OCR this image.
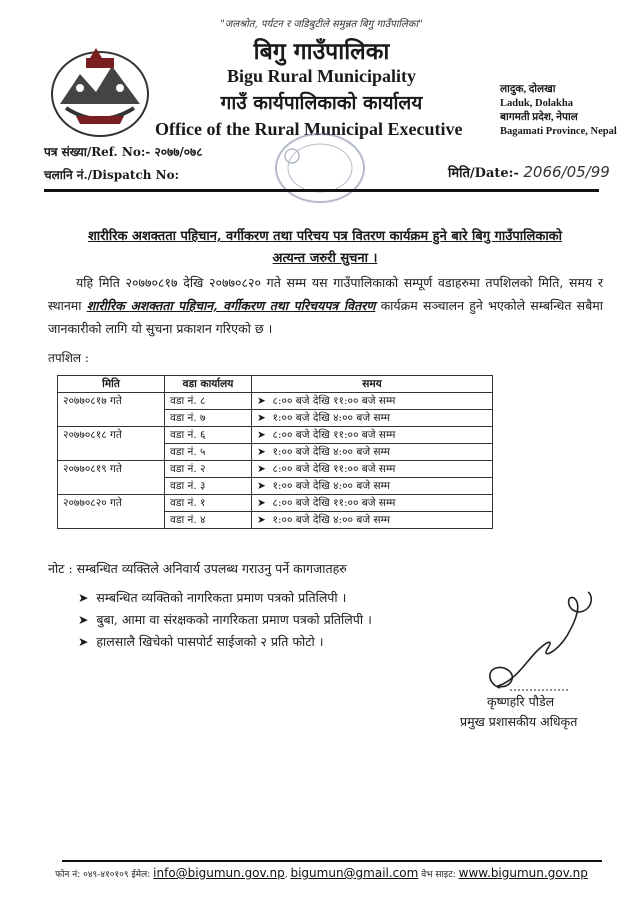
"जलश्रोत, पर्यटन र जडिबुटीले समुन्नत बिगु गाउँपालिका"
बिगु गाउँपालिका
Bigu Rural Municipality
गाउँ कार्यपालिकाको कार्यालय
Office of the Rural Municipal Executive
लादुक, दोलखा
Laduk, Dolakha
बागमती प्रदेश, नेपाल
Bagamati Province, Nepal
पत्र संख्या/Ref. No:- २०७७/०७८
चलानि नं./Dispatch No:	मिति/Date:- 2066/05/99
शारीरिक अशक्तता पहिचान, वर्गीकरण तथा परिचय पत्र वितरण कार्यक्रम हुने बारे बिगु गाउँपालिकाको
अत्यन्त जरुरी सुचना ।
यहि मिति २०७७०८१७ देखि २०७७०८२० गते सम्म यस गाउँपालिकाको सम्पूर्ण वडाहरुमा तपशिलको मिति, समय र स्थानमा शारीरिक अशक्तता पहिचान, वर्गीकरण तथा परिचयपत्र वितरण कार्यक्रम सञ्चालन हुने भएकोले सम्बन्धित सबैमा जानकारीको लागि यो सुचना प्रकाशन गरिएको छ ।
तपशिल :
मिति	वडा कार्यालय	समय
२०७७०८१७ गते	वडा नं. ८	➤  ८:०० बजे देखि ११:०० बजे सम्म
	वडा नं. ७	➤  १:०० बजे देखि ४:०० बजे सम्म
२०७७०८१८ गते	वडा नं. ६	➤  ८:०० बजे देखि ११:०० बजे सम्म
	वडा नं. ५	➤  १:०० बजे देखि ४:०० बजे सम्म
२०७७०८१९ गते	वडा नं. २	➤  ८:०० बजे देखि ११:०० बजे सम्म
	वडा नं. ३	➤  १:०० बजे देखि ४:०० बजे सम्म
२०७७०८२० गते	वडा नं. १	➤  ८:०० बजे देखि ११:०० बजे सम्म
	वडा नं. ४	➤  १:०० बजे देखि ४:०० बजे सम्म
नोट : सम्बन्धित व्यक्तिले अनिवार्य उपलब्ध गराउनु पर्ने कागजातहरु
➤  सम्बन्धित व्यक्तिको नागरिकता प्रमाण पत्रको प्रतिलिपी ।
➤  बुबा, आमा वा संरक्षकको नागरिकता प्रमाण पत्रको प्रतिलिपी ।
➤  हालसालै खिचेको पासपोर्ट साईजको २ प्रति फोटो ।
कृष्णहरि पौडेल
प्रमुख प्रशासकीय अधिकृत
फोन नं: ०४९-४१०१०९ ईमेल: info@bigumun.gov.np, bigumun@gmail.com वेभ साइट: www.bigumun.gov.np
